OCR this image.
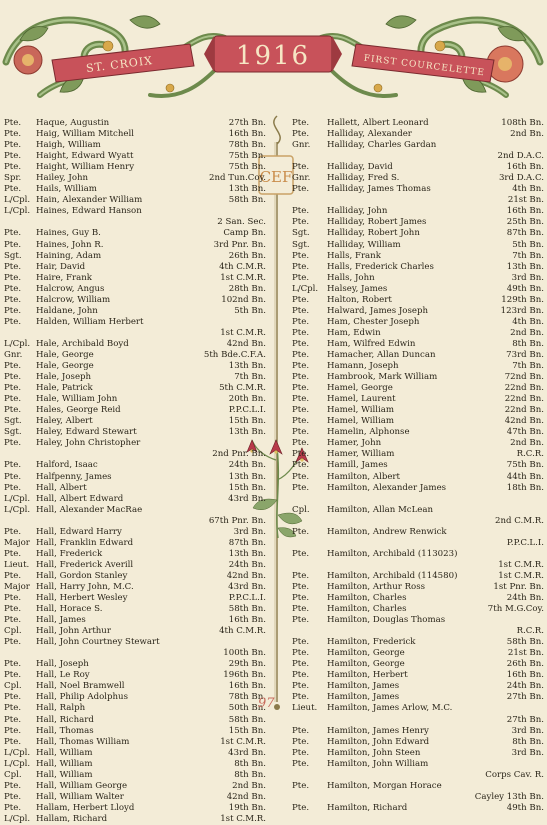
ST. CROIX	1916	FIRST COURCELETTE
CEF
Pte. Haque, Augustin	27th Bn.
Pte. Haig, William Mitchell	16th Bn.
Pte. Haigh, William	78th Bn.
Pte. Haight, Edward Wyatt	75th Bn.
Pte. Haight, William Henry	75th Bn.
Spr. Hailey, John	2nd Tun.Coy.
Pte. Hails, William	13th Bn.
L/Cpl. Hain, Alexander William	58th Bn.
L/Cpl. Haines, Edward Hanson
2 San. Sec.
Pte. Haines, Guy B.	Camp Bn.
Pte. Haines, John R.	3rd Pnr. Bn.
Sgt. Haining, Adam	26th Bn.
Pte. Hair, David	4th C.M.R.
Pte. Haire, Frank	1st C.M.R.
Pte. Halcrow, Angus	28th Bn.
Pte. Halcrow, William	102nd Bn.
Pte. Haldane, John	5th Bn.
Pte. Halden, William Herbert
1st C.M.R.
L/Cpl. Hale, Archibald Boyd	42nd Bn.
Gnr. Hale, George	5th Bde.C.F.A.
Pte. Hale, George	13th Bn.
Pte. Hale, Joseph	7th Bn.
Pte. Hale, Patrick	5th C.M.R.
Pte. Hale, William John	20th Bn.
Pte. Hales, George Reid	P.P.C.L.I.
Sgt. Haley, Albert	15th Bn.
Sgt. Haley, Edward Stewart	13th Bn.
Pte. Haley, John Christopher
2nd Pnr. Bn.
Pte. Halford, Isaac	24th Bn.
Pte. Halfpenny, James	13th Bn.
Pte. Hall, Albert	15th Bn.
L/Cpl. Hall, Albert Edward	43rd Bn.
L/Cpl. Hall, Alexander MacRae
67th Pnr. Bn.
Pte. Hall, Edward Harry	3rd Bn.
Major Hall, Franklin Edward	87th Bn.
Pte. Hall, Frederick	13th Bn.
Lieut. Hall, Frederick Averill	24th Bn.
Pte. Hall, Gordon Stanley	42nd Bn.
Major Hall, Harry John, M.C.	43rd Bn.
Pte. Hall, Herbert Wesley	P.P.C.L.I.
Pte. Hall, Horace S.	58th Bn.
Pte. Hall, James	16th Bn.
Cpl. Hall, John Arthur	4th C.M.R.
Pte. Hall, John Courtney Stewart
100th Bn.
Pte. Hall, Joseph	29th Bn.
Pte. Hall, Le Roy	196th Bn.
Cpl. Hall, Noel Bramwell	16th Bn.
Pte. Hall, Philip Adolphus	78th Bn.
Pte. Hall, Ralph	50th Bn.
Pte. Hall, Richard	58th Bn.
Pte. Hall, Thomas	15th Bn.
Pte. Hall, Thomas William	1st C.M.R.
L/Cpl. Hall, William	43rd Bn.
L/Cpl. Hall, William	8th Bn.
Cpl. Hall, William	8th Bn.
Pte. Hall, William George	2nd Bn.
Pte. Hall, William Walter	42nd Bn.
Pte. Hallam, Herbert Lloyd	19th Bn.
L/Cpl. Hallam, Richard	1st C.M.R.
Pte. Hallett, Albert Leonard	108th Bn.
Pte. Halliday, Alexander	2nd Bn.
Gnr. Halliday, Charles Gardan
2nd D.A.C.
Pte. Halliday, David	16th Bn.
Gnr. Halliday, Fred S.	3rd D.A.C.
Pte. Halliday, James Thomas	4th Bn.
21st Bn.
Pte. Halliday, John	16th Bn.
Pte. Halliday, Robert James	25th Bn.
Sgt. Halliday, Robert John	87th Bn.
Sgt. Halliday, William	5th Bn.
Pte. Halls, Frank	7th Bn.
Pte. Halls, Frederick Charles	13th Bn.
Pte. Halls, John	3rd Bn.
L/Cpl. Halsey, James	49th Bn.
Pte. Halton, Robert	129th Bn.
Pte. Halward, James Joseph	123rd Bn.
Pte. Ham, Chester Joseph	4th Bn.
Pte. Ham, Edwin	2nd Bn.
Pte. Ham, Wilfred Edwin	8th Bn.
Pte. Hamacher, Allan Duncan	73rd Bn.
Pte. Hamann, Joseph	7th Bn.
Pte. Hambrook, Mark William	72nd Bn.
Pte. Hamel, George	22nd Bn.
Pte. Hamel, Laurent	22nd Bn.
Pte. Hamel, William	22nd Bn.
Pte. Hamel, William	42nd Bn.
Pte. Hamelin, Alphonse	47th Bn.
Pte. Hamer, John	2nd Bn.
Pte. Hamer, William	R.C.R.
Pte. Hamill, James	75th Bn.
Pte. Hamilton, Albert	44th Bn.
Pte. Hamilton, Alexander James	18th Bn.
Cpl. Hamilton, Allan McLean
2nd C.M.R.
Pte. Hamilton, Andrew Renwick
P.P.C.L.I.
Pte. Hamilton, Archibald (113023)
1st C.M.R.
Pte. Hamilton, Archibald (114580)	1st C.M.R.
Pte. Hamilton, Arthur Ross	1st Pnr. Bn.
Pte. Hamilton, Charles	24th Bn.
Pte. Hamilton, Charles	7th M.G.Coy.
Pte. Hamilton, Douglas Thomas
R.C.R.
Pte. Hamilton, Frederick	58th Bn.
Pte. Hamilton, George	21st Bn.
Pte. Hamilton, George	26th Bn.
Pte. Hamilton, Herbert	16th Bn.
Pte. Hamilton, James	24th Bn.
Pte. Hamilton, James	27th Bn.
Lieut. Hamilton, James Arlow, M.C.
27th Bn.
Pte. Hamilton, James Henry	3rd Bn.
Pte. Hamilton, John Edward	8th Bn.
Pte. Hamilton, John Steen	3rd Bn.
Pte. Hamilton, John William
Corps Cav. R.
Pte. Hamilton, Morgan Horace
Cayley 13th Bn.
Pte. Hamilton, Richard	49th Bn.
97
